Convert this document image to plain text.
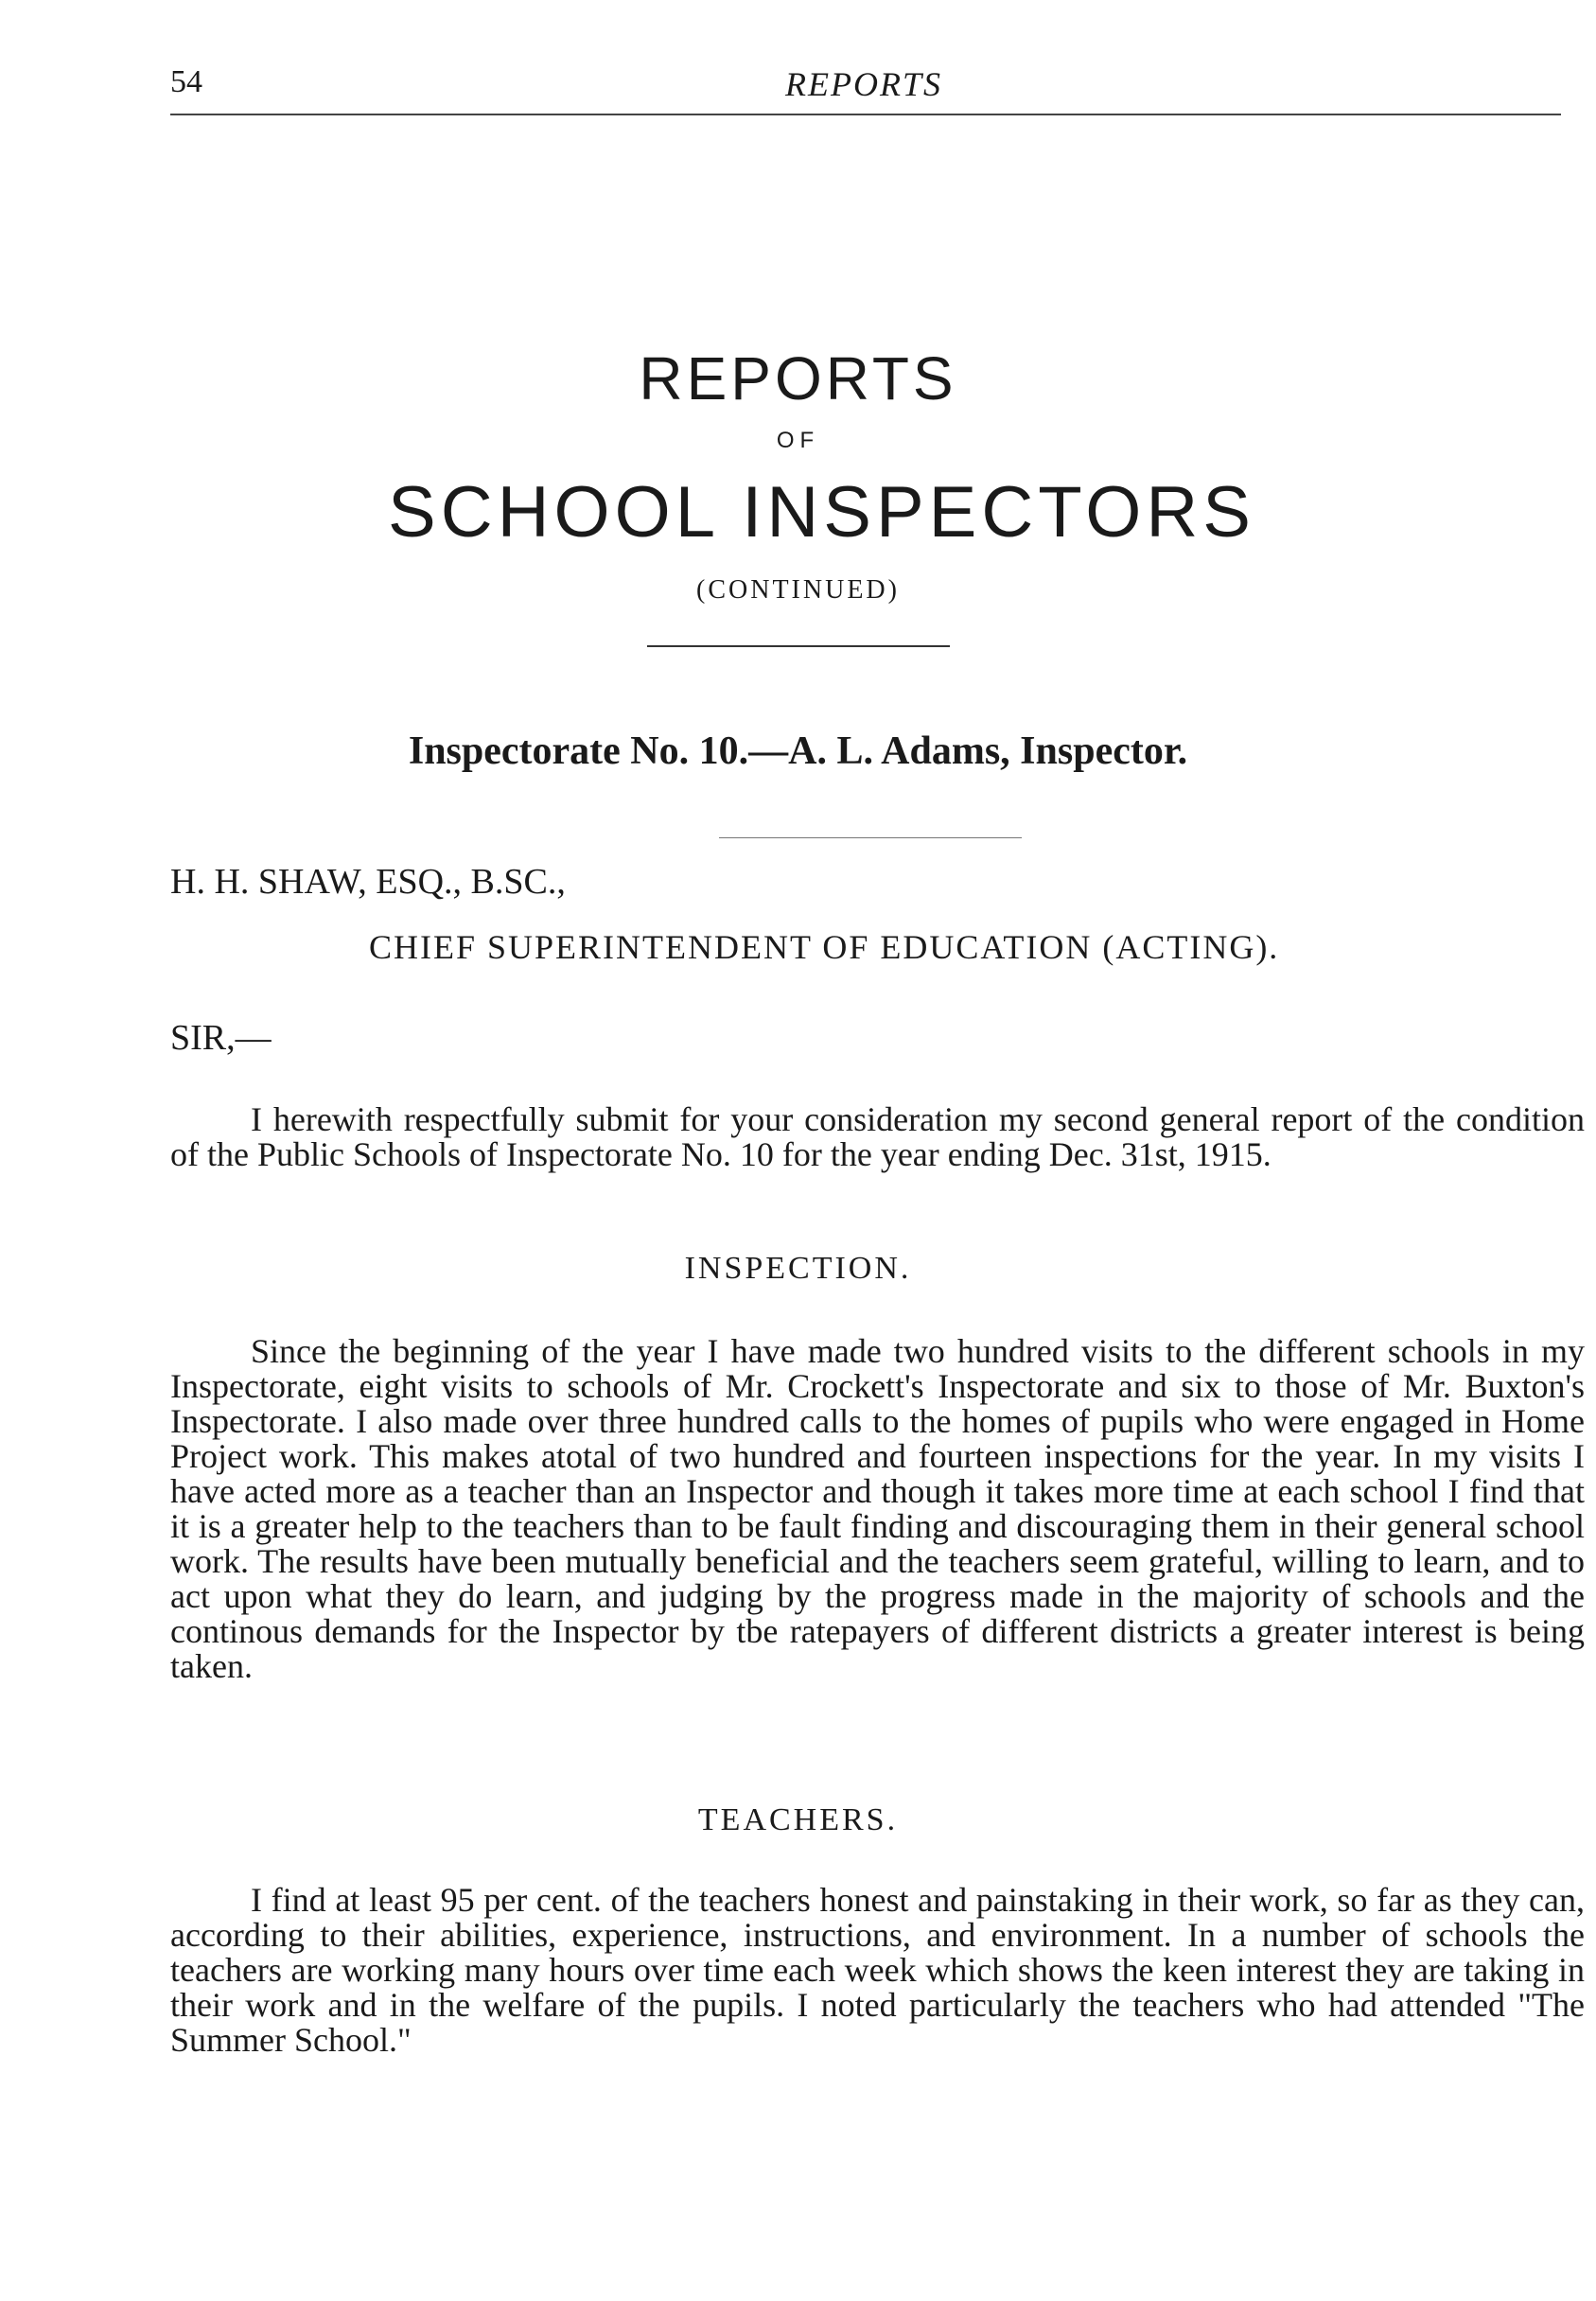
54	REPORTS
REPORTS
OF
SCHOOL INSPECTORS
(CONTINUED)
Inspectorate No. 10.—A. L. Adams, Inspector.
H. H. SHAW, ESQ., B.SC.,
CHIEF SUPERINTENDENT OF EDUCATION (ACTING).
SIR,—

I herewith respectfully submit for your consideration my second general report of the condition of the Public Schools of Inspectorate No. 10 for the year ending Dec. 31st, 1915.

INSPECTION.

Since the beginning of the year I have made two hundred visits to the different schools in my Inspectorate, eight visits to schools of Mr. Crockett's Inspectorate and six to those of Mr. Buxton's Inspectorate. I also made over three hundred calls to the homes of pupils who were engaged in Home Project work. This makes atotal of two hundred and fourteen inspections for the year. In my visits I have acted more as a teacher than an Inspector and though it takes more time at each school I find that it is a greater help to the teachers than to be fault finding and discouraging them in their general school work. The results have been mutually beneficial and the teachers seem grateful, willing to learn, and to act upon what they do learn, and judging by the progress made in the majority of schools and the continous demands for the Inspector by tbe ratepayers of different districts a greater interest is being taken.

TEACHERS.

I find at least 95 per cent. of the teachers honest and painstaking in their work, so far as they can, according to their abilities, experience, instructions, and environment. In a number of schools the teachers are working many hours over time each week which shows the keen interest they are taking in their work and in the welfare of the pupils. I noted particularly the teachers who had attended "The Summer School."
